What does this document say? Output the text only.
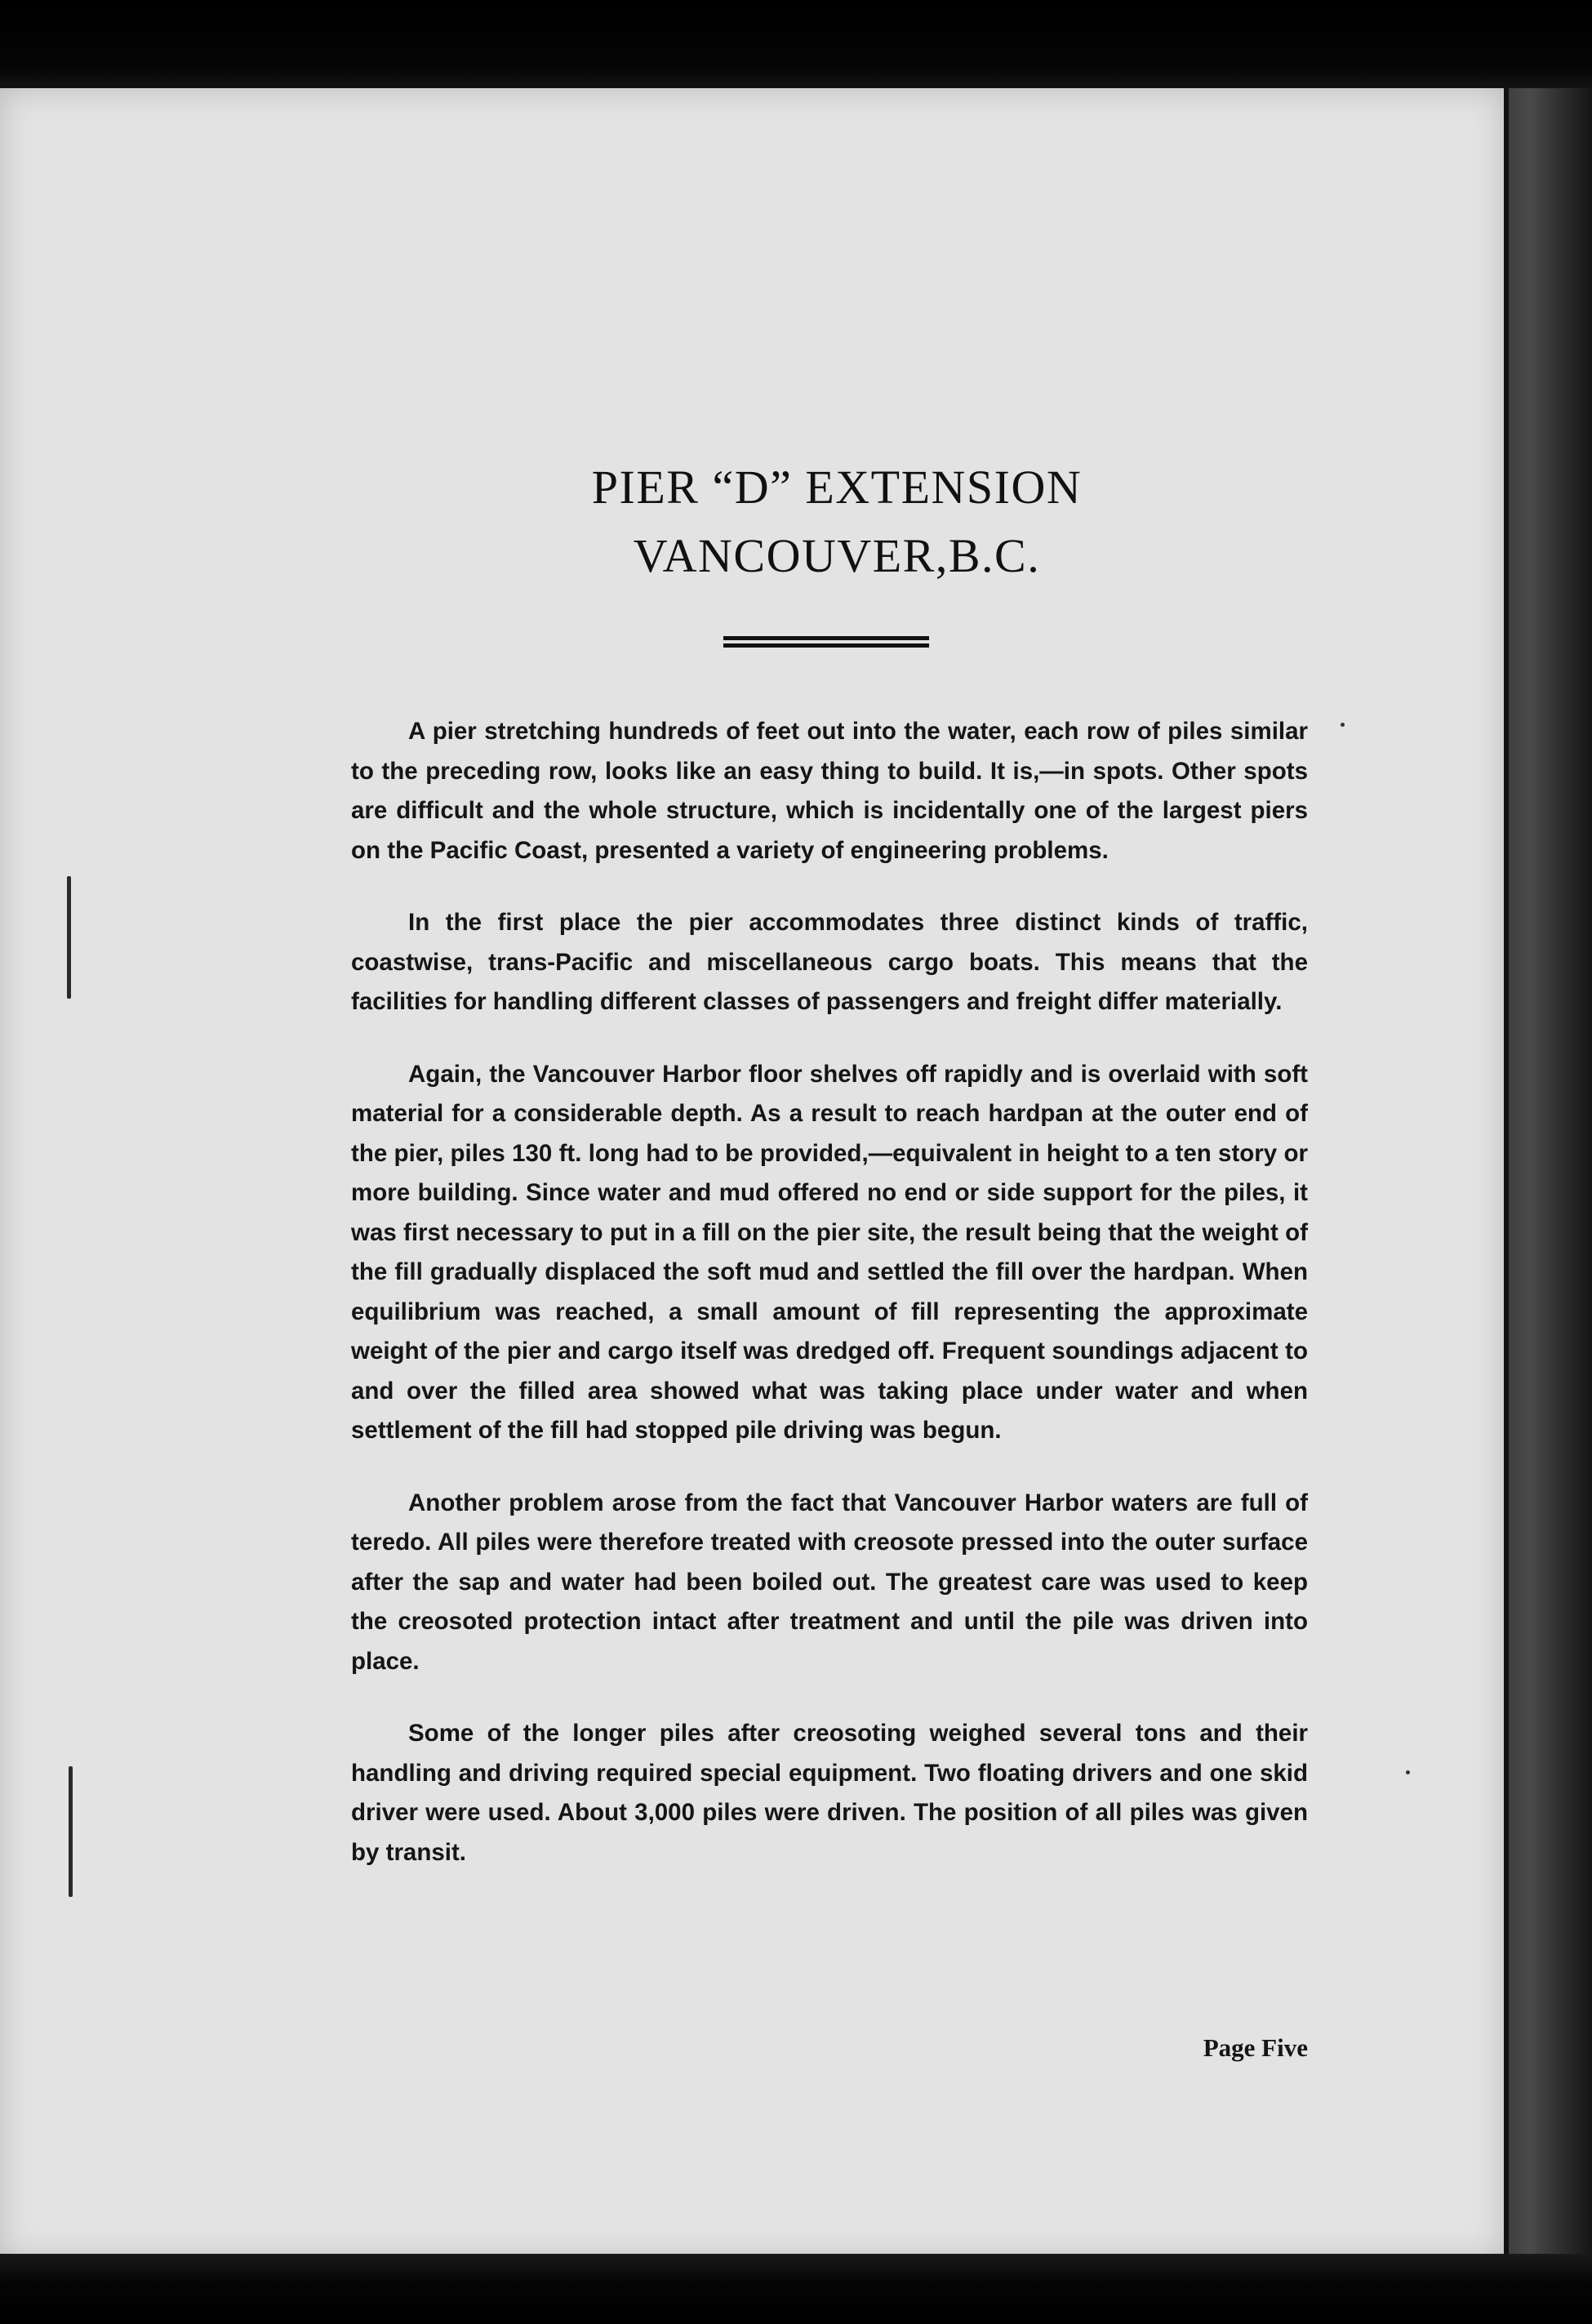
PIER “D” EXTENSION
VANCOUVER,B.C.

A pier stretching hundreds of feet out into the water, each row of piles similar to the preceding row, looks like an easy thing to build. It is,—in spots. Other spots are difficult and the whole structure, which is incidentally one of the largest piers on the Pacific Coast, presented a variety of engineering problems.

In the first place the pier accommodates three distinct kinds of traffic, coastwise, trans-Pacific and miscellaneous cargo boats. This means that the facilities for handling different classes of passengers and freight differ materially.

Again, the Vancouver Harbor floor shelves off rapidly and is overlaid with soft material for a considerable depth. As a result to reach hardpan at the outer end of the pier, piles 130 ft. long had to be provided,—equivalent in height to a ten story or more building. Since water and mud offered no end or side support for the piles, it was first necessary to put in a fill on the pier site, the result being that the weight of the fill gradually displaced the soft mud and settled the fill over the hardpan. When equilibrium was reached, a small amount of fill representing the approximate weight of the pier and cargo itself was dredged off. Frequent soundings adjacent to and over the filled area showed what was taking place under water and when settlement of the fill had stopped pile driving was begun.

Another problem arose from the fact that Vancouver Harbor waters are full of teredo. All piles were therefore treated with creosote pressed into the outer surface after the sap and water had been boiled out. The greatest care was used to keep the creosoted protection intact after treatment and until the pile was driven into place.

Some of the longer piles after creosoting weighed several tons and their handling and driving required special equipment. Two floating drivers and one skid driver were used. About 3,000 piles were driven. The position of all piles was given by transit.

Page Five
